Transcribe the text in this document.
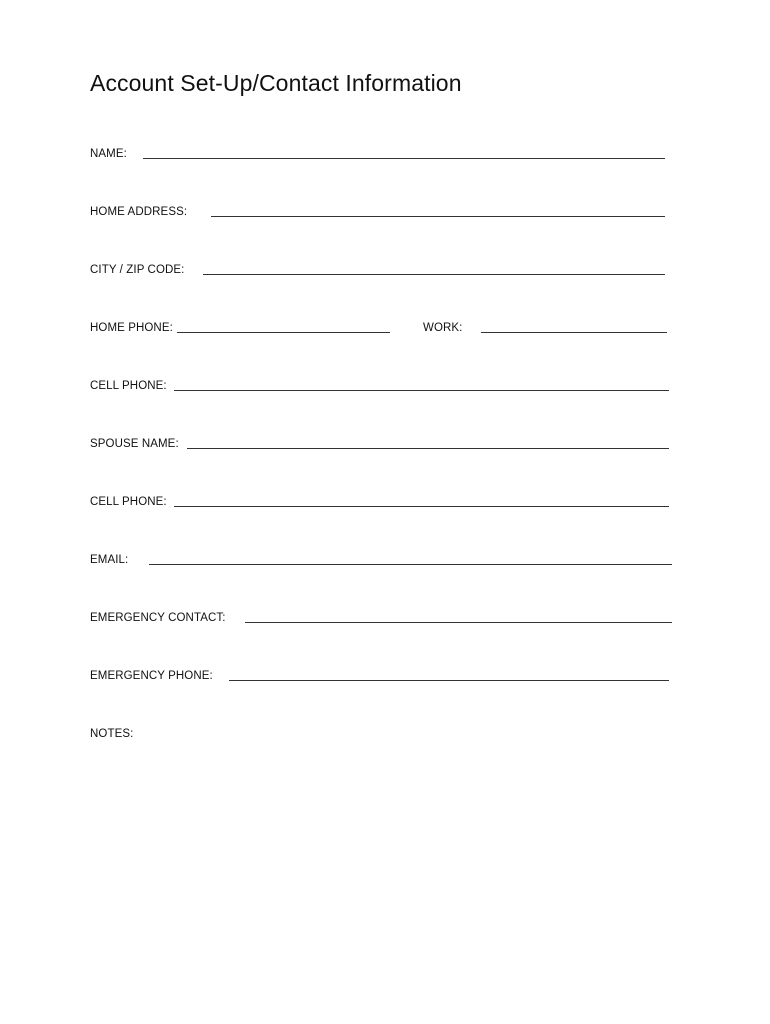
Account Set-Up/Contact Information
NAME:
HOME ADDRESS:
CITY / ZIP CODE:
HOME PHONE:	WORK:
CELL PHONE:
SPOUSE NAME:
CELL PHONE:
EMAIL:
EMERGENCY CONTACT:
EMERGENCY PHONE:
NOTES:
